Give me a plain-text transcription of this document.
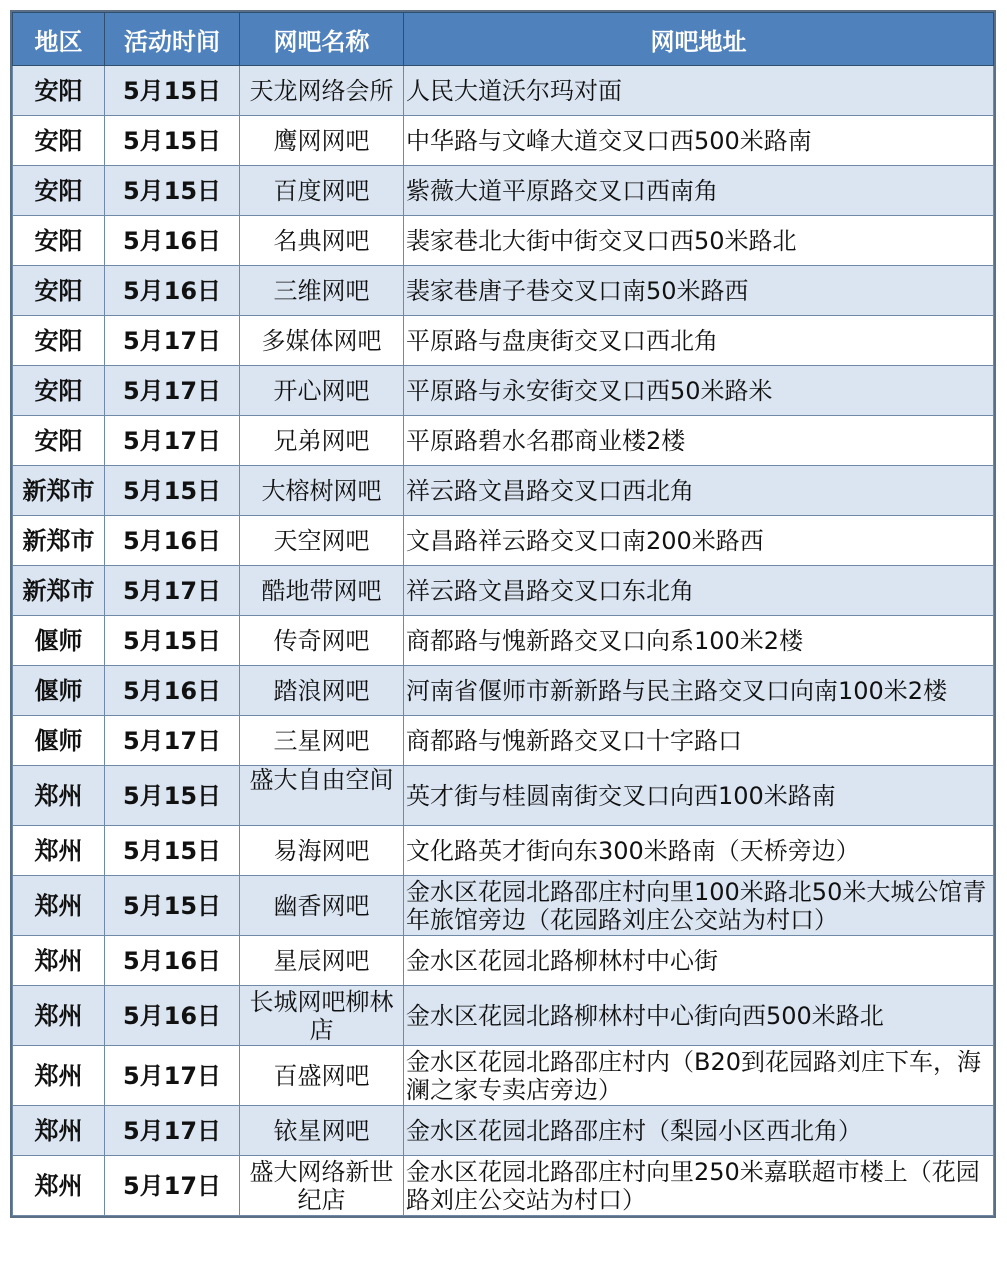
地区	活动时间	网吧名称	网吧地址
安阳	5月15日	天龙网络会所	人民大道沃尔玛对面
安阳	5月15日	鹰网网吧	中华路与文峰大道交叉口西500米路南
安阳	5月15日	百度网吧	紫薇大道平原路交叉口西南角
安阳	5月16日	名典网吧	裴家巷北大街中街交叉口西50米路北
安阳	5月16日	三维网吧	裴家巷唐子巷交叉口南50米路西
安阳	5月17日	多媒体网吧	平原路与盘庚街交叉口西北角
安阳	5月17日	开心网吧	平原路与永安街交叉口西50米路米
安阳	5月17日	兄弟网吧	平原路碧水名郡商业楼2楼
新郑市	5月15日	大榕树网吧	祥云路文昌路交叉口西北角
新郑市	5月16日	天空网吧	文昌路祥云路交叉口南200米路西
新郑市	5月17日	酷地带网吧	祥云路文昌路交叉口东北角
偃师	5月15日	传奇网吧	商都路与愧新路交叉口向系100米2楼
偃师	5月16日	踏浪网吧	河南省偃师市新新路与民主路交叉口向南100米2楼
偃师	5月17日	三星网吧	商都路与愧新路交叉口十字路口
郑州	5月15日	盛大自由空间	英才街与桂圆南街交叉口向西100米路南
郑州	5月15日	易海网吧	文化路英才街向东300米路南（天桥旁边）
郑州	5月15日	幽香网吧	金水区花园北路邵庄村向里100米路北50米大城公馆青年旅馆旁边（花园路刘庄公交站为村口）
郑州	5月16日	星辰网吧	金水区花园北路柳林村中心街
郑州	5月16日	长城网吧柳林店	金水区花园北路柳林村中心街向西500米路北
郑州	5月17日	百盛网吧	金水区花园北路邵庄村内（B20到花园路刘庄下车，海澜之家专卖店旁边）
郑州	5月17日	铱星网吧	金水区花园北路邵庄村（梨园小区西北角）
郑州	5月17日	盛大网络新世纪店	金水区花园北路邵庄村向里250米嘉联超市楼上（花园路刘庄公交站为村口）
